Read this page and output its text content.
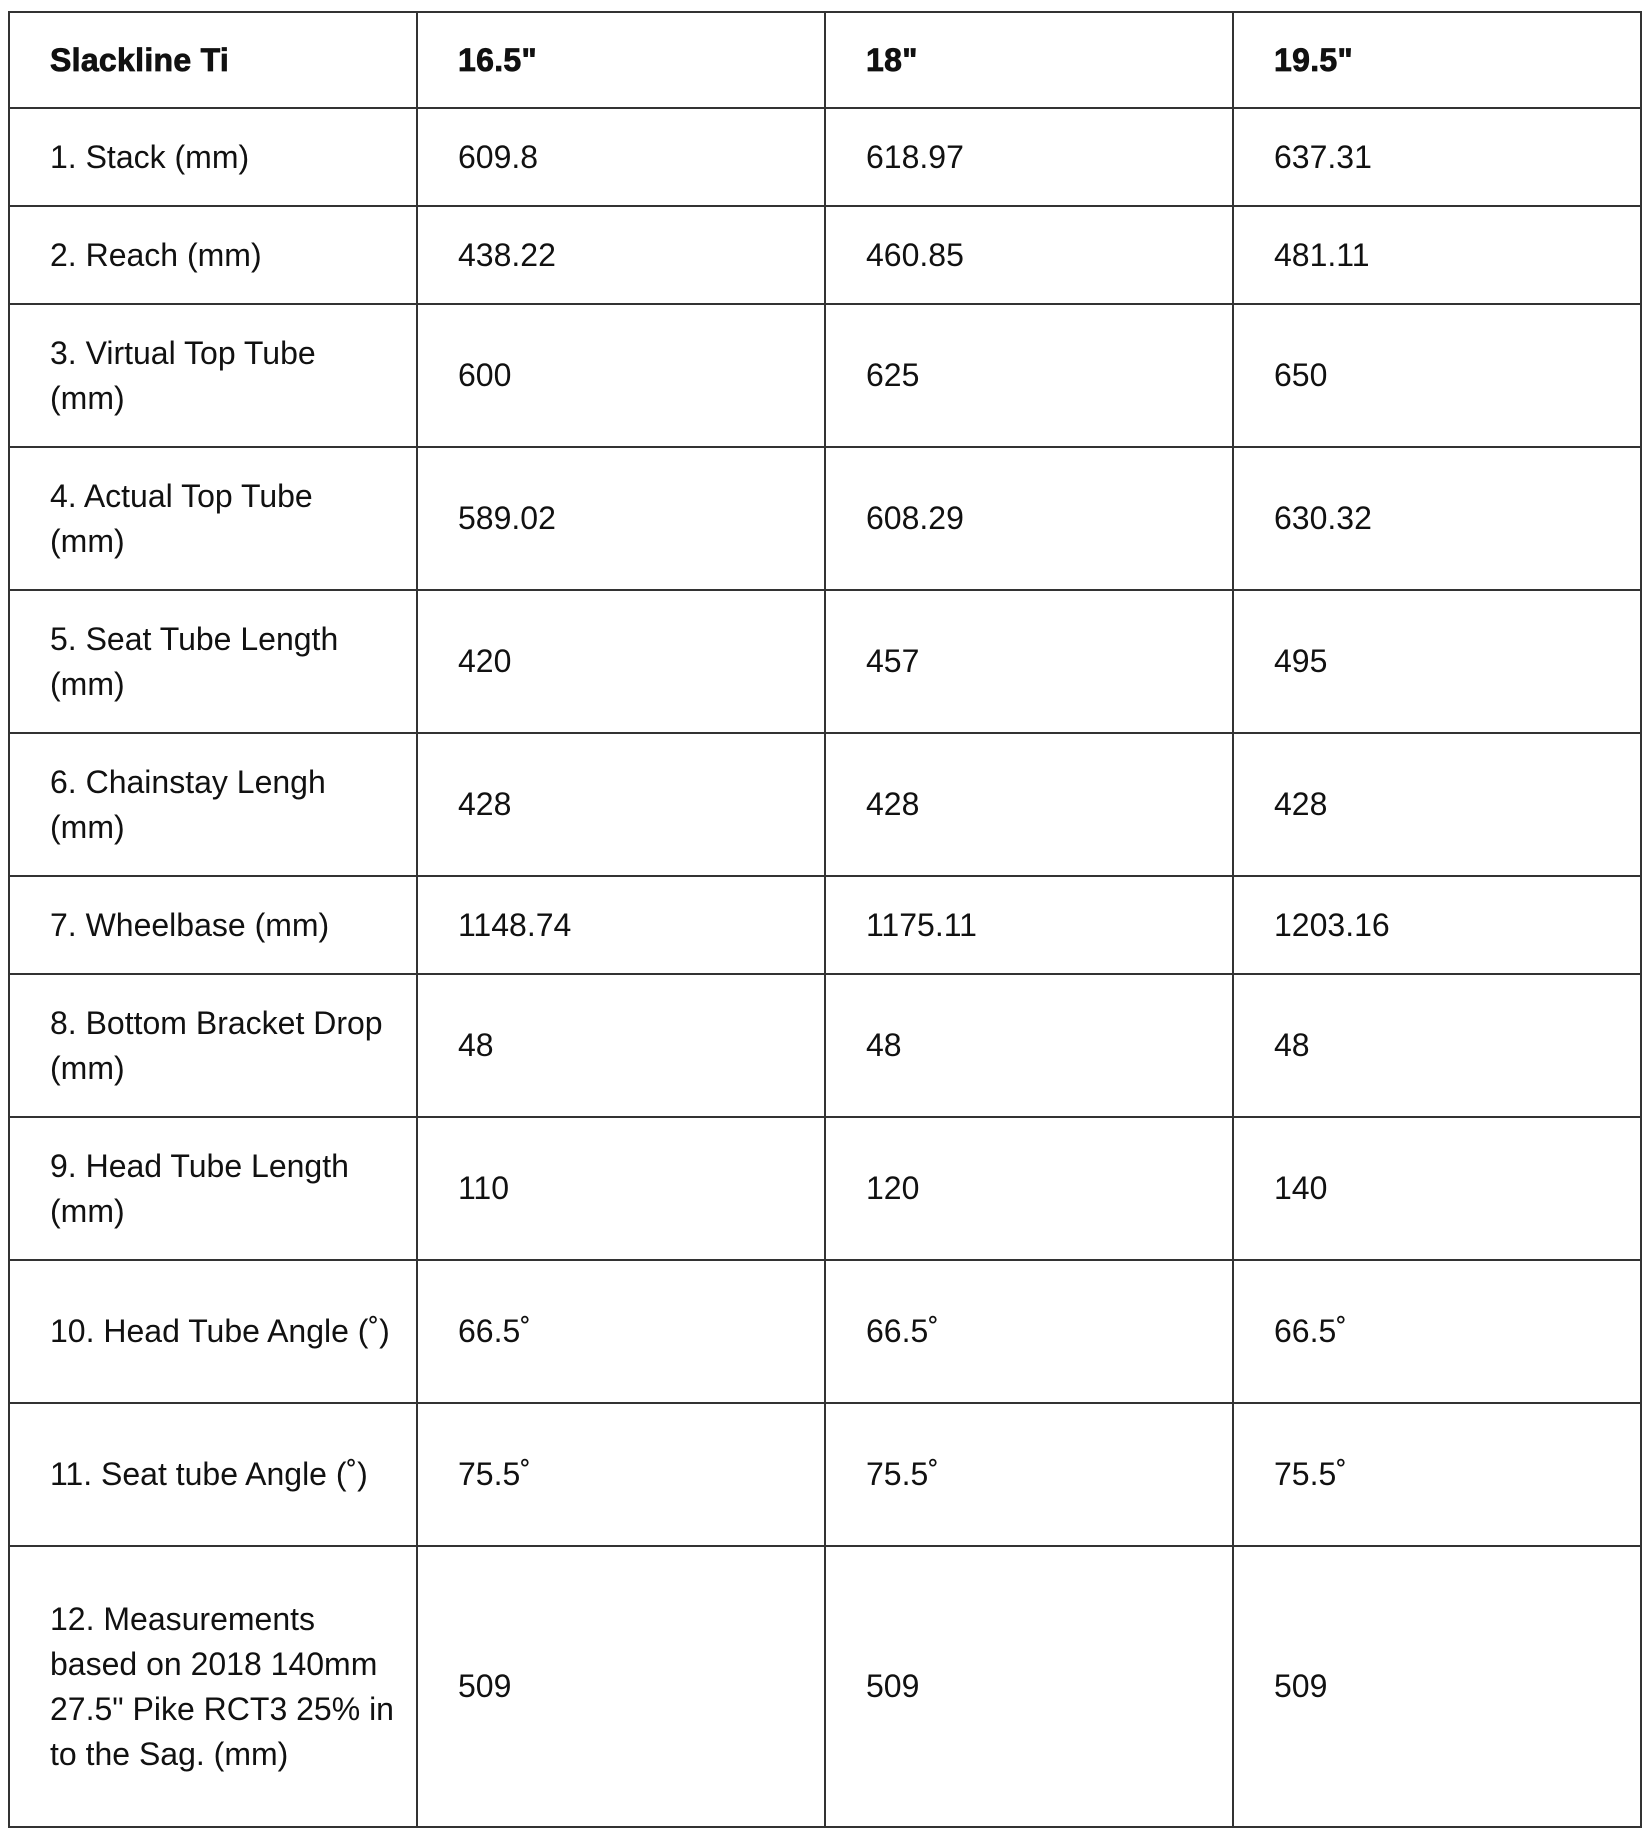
Slackline Ti	16.5"	18"	19.5"
1. Stack (mm)	609.8	618.97	637.31
2. Reach (mm)	438.22	460.85	481.11
3. Virtual Top Tube (mm)	600	625	650
4. Actual Top Tube (mm)	589.02	608.29	630.32
5. Seat Tube Length (mm)	420	457	495
6. Chainstay Lengh (mm)	428	428	428
7. Wheelbase (mm)	1148.74	1175.11	1203.16
8. Bottom Bracket Drop (mm)	48	48	48
9. Head Tube Length (mm)	110	120	140
10. Head Tube Angle (˚)	66.5˚	66.5˚	66.5˚
11. Seat tube Angle (˚)	75.5˚	75.5˚	75.5˚
12. Measurements based on 2018 140mm 27.5" Pike RCT3 25% in to the Sag. (mm)	509	509	509
